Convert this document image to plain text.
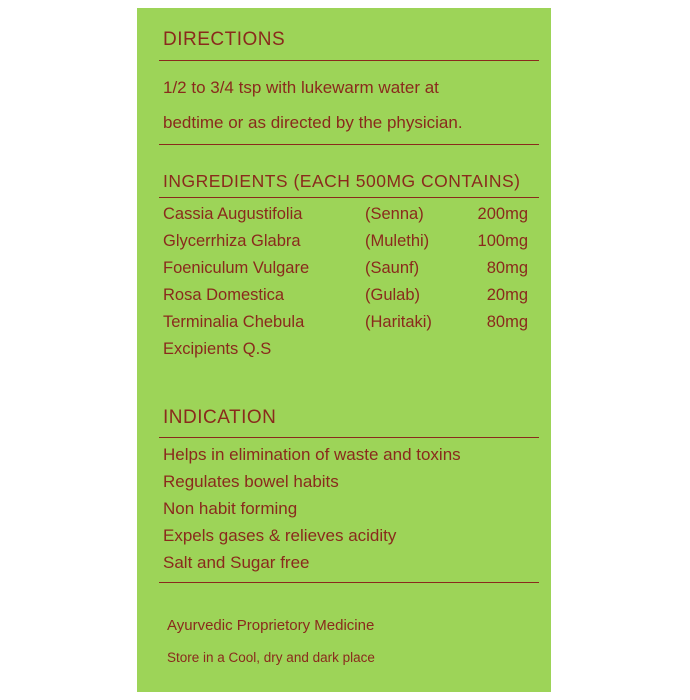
DIRECTIONS
1/2 to 3/4 tsp with lukewarm water at
bedtime or as directed by the physician.
INGREDIENTS (EACH 500MG CONTAINS)
Cassia Augustifolia	(Senna)	200mg
Glycerrhiza Glabra	(Mulethi)	100mg
Foeniculum Vulgare	(Saunf)	80mg
Rosa Domestica	(Gulab)	20mg
Terminalia Chebula	(Haritaki)	80mg
Excipients Q.S
INDICATION
Helps in elimination of waste and toxins
Regulates bowel habits
Non habit forming
Expels gases & relieves acidity
Salt and Sugar free
Ayurvedic Proprietory Medicine
Store in a Cool, dry and dark place
